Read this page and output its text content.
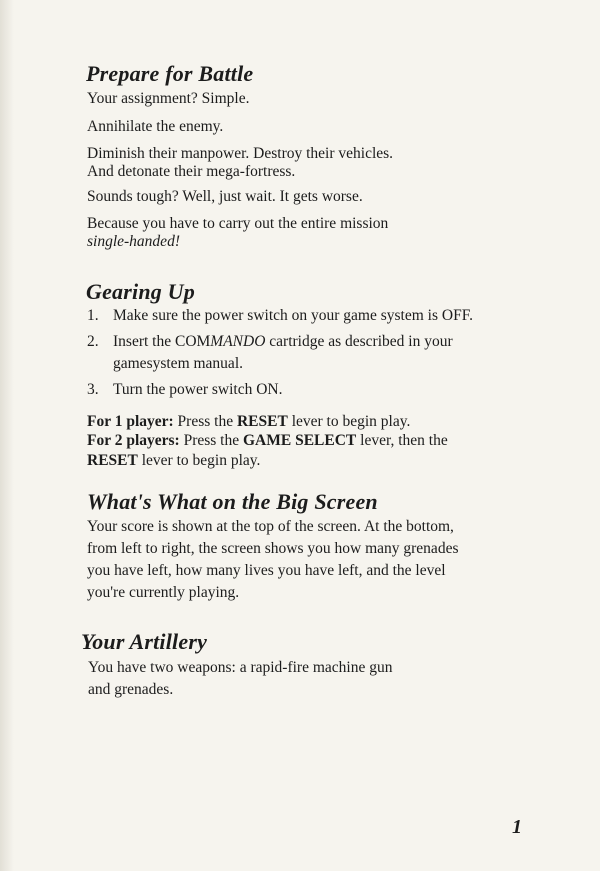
Prepare for Battle

Your assignment? Simple.

Annihilate the enemy.

Diminish their manpower. Destroy their vehicles.

And detonate their mega-fortress.

Sounds tough? Well, just wait. It gets worse.

Because you have to carry out the entire mission

single-handed!

Gearing Up
1. Make sure the power switch on your game system is OFF.
2. Insert the COMMANDO cartridge as described in your
gamesystem manual.
3. Turn the power switch ON.

For 1 player: Press the RESET lever to begin play.

For 2 players: Press the GAME SELECT lever, then the
RESET lever to begin play.

What's What on the Big Screen

Your score is shown at the top of the screen. At the bottom,

from left to right, the screen shows you how many grenades

you have left, how many lives you have left, and the level

you're currently playing.

Your Artillery

You have two weapons: a rapid-fire machine gun

and grenades.

1
